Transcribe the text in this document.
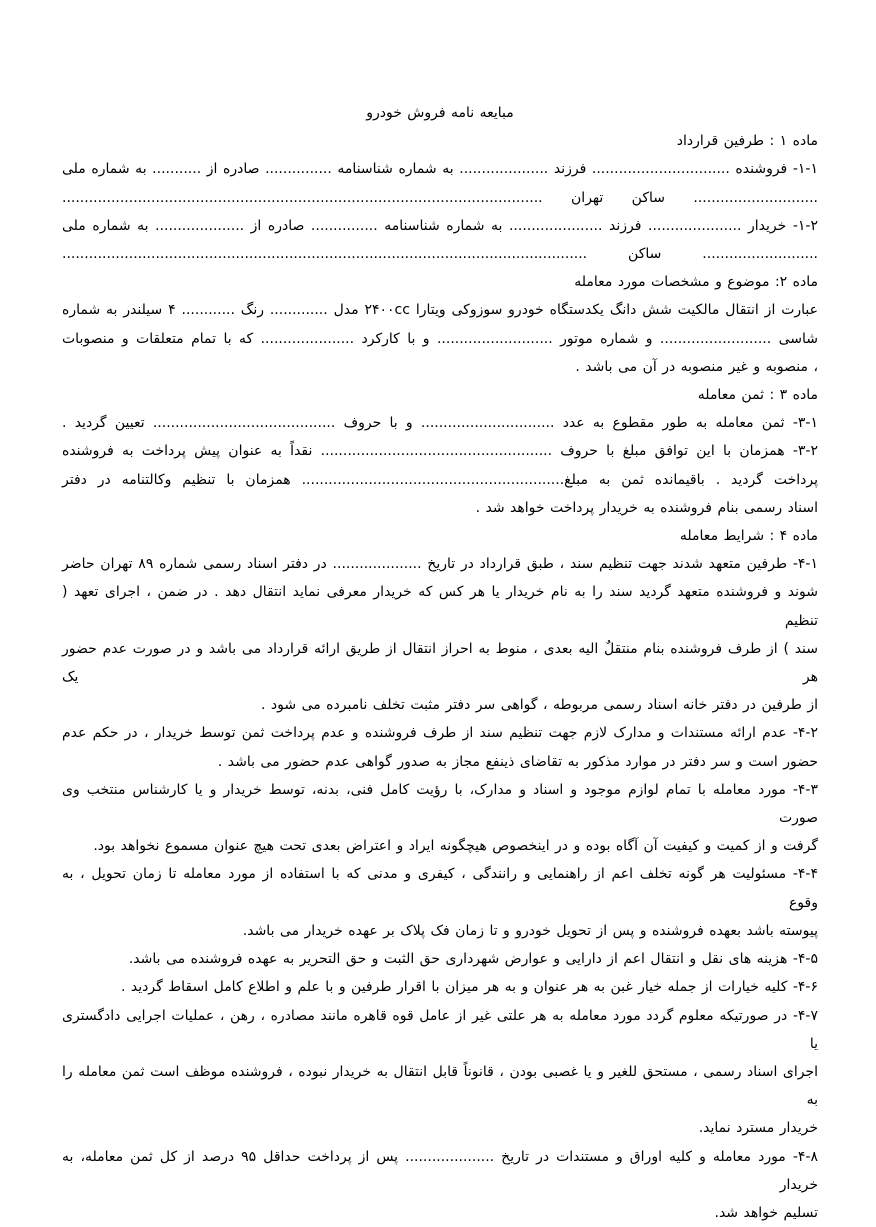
مبایعه نامه فروش خودرو
ماده ۱ : طرفین قرارداد
۱-۱- فروشنده ............................... فرزند .................... به شماره شناسنامه ............... صادره از ........... به شماره ملی
............................ ساکن تهران ............................................................................................................
۱-۲- خریدار ..................... فرزند ..................... به شماره شناسنامه ............... صادره از .................... به شماره ملی
.......................... ساکن ......................................................................................................................
ماده ۲: موضوع و مشخصات مورد معامله
عبارت از انتقال مالکیت شش دانگ یکدستگاه خودرو سوزوکی ویتارا ۲۴۰۰cc مدل ............. رنگ ............ ۴ سیلندر به شماره
شاسی ......................... و شماره موتور .......................... و با کارکرد ..................... که با تمام متعلقات و منصوبات
، منصوبه و غیر منصوبه در آن می باشد .
ماده ۳ : ثمن معامله
۳-۱- ثمن معامله به طور مقطوع به عدد .............................. و با حروف ......................................... تعیین گردید .
۳-۲- همزمان با این توافق مبلغ با حروف .................................................... نقداً به عنوان پیش پرداخت به فروشنده
پرداخت گردید . باقیمانده ثمن به مبلغ........................................................... همزمان با تنظیم وکالتنامه در دفتر
اسناد رسمی بنام فروشنده به خریدار پرداخت خواهد شد .
ماده ۴ : شرایط معامله
۴-۱- طرفین متعهد شدند جهت تنظیم سند ، طبق قرارداد در تاریخ .................... در دفتر اسناد رسمی شماره ۸۹ تهران حاضر
شوند و فروشنده متعهد گردید سند را به نام خریدار یا هر کس که خریدار معرفی نماید انتقال دهد . در ضمن ، اجرای تعهد ( تنظیم
سند ) از طرف فروشنده بنام منتقلٌ الیه بعدی ، منوط به احراز انتقال از طریق ارائه قرارداد می باشد و در صورت عدم حضور هر یک
از طرفین در دفتر خانه اسناد رسمی مربوطه ، گواهی سر دفتر مثبت تخلف نامبرده می شود .
۴-۲- عدم ارائه مستندات و مدارک لازم جهت تنظیم سند از طرف فروشنده و عدم پرداخت ثمن توسط خریدار ، در حکم عدم
حضور است و سر دفتر در موارد مذکور به تقاضای ذینفع مجاز به صدور گواهی عدم حضور می باشد .
۴-۳- مورد معامله با تمام لوازم موجود و اسناد و مدارک، با رؤیت کامل فنی، بدنه، توسط خریدار و یا کارشناس منتخب وی صورت
گرفت و از کمیت و کیفیت آن آگاه بوده و در اینخصوص هیچگونه ایراد و اعتراض بعدی تحت هیچ عنوان مسموع نخواهد بود.
۴-۴- مسئولیت هر گونه تخلف اعم از راهنمایی و رانندگی ، کیفری و مدنی که با استفاده از مورد معامله تا زمان تحویل ، به وقوع
پیوسته باشد بعهده فروشنده و پس از تحویل خودرو و تا زمان فک پلاک بر عهده خریدار می باشد.
۴-۵- هزینه های نقل و انتقال اعم از دارایی و عوارض شهرداری حق الثبت و حق التحریر به عهده فروشنده می باشد.
۴-۶- کلیه خیارات از جمله خیار غبن به هر عنوان و به هر میزان با اقرار طرفین و با علم و اطلاع کامل اسقاط گردید .
۴-۷- در صورتیکه معلوم گردد مورد معامله به هر علتی غیر از عامل قوه قاهره مانند مصادره ، رهن ، عملیات اجرایی دادگستری یا
اجرای اسناد رسمی ، مستحق للغیر و یا غصبی بودن ، قانوناً قابل انتقال به خریدار نبوده ، فروشنده موظف است ثمن معامله را به
خریدار مسترد نماید.
۴-۸- مورد معامله و کلیه اوراق و مستندات در تاریخ .................... پس از پرداخت حداقل ۹۵ درصد از کل ثمن معامله، به خریدار
تسلیم خواهد شد.
